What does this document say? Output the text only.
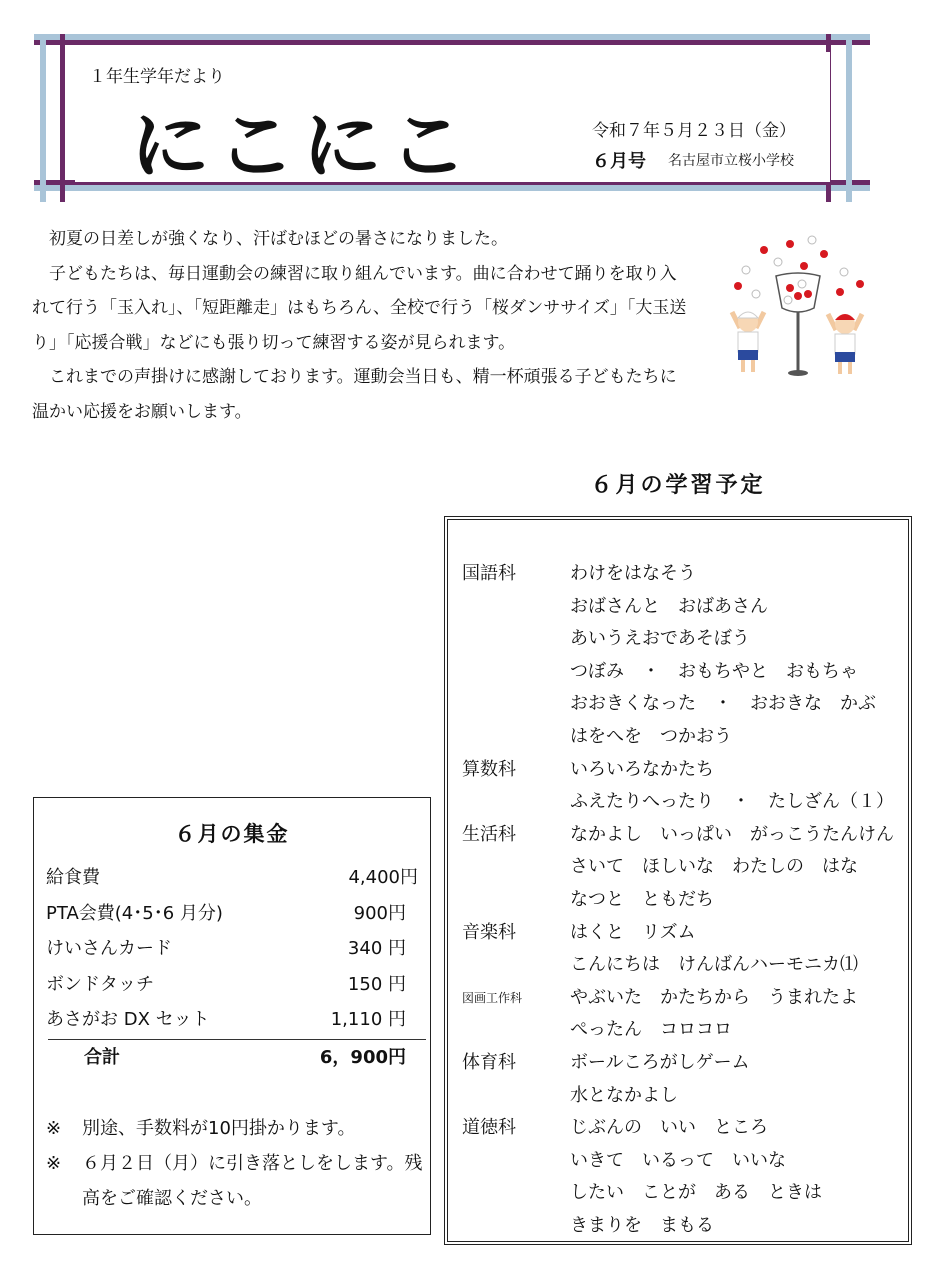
１年生学年だより
にこにこ	令和７年５月２３日（金）
６月号 名古屋市立桜小学校

初夏の日差しが強くなり、汗ばむほどの暑さになりました。

子どもたちは、毎日運動会の練習に取り組んでいます。曲に合わせて踊りを取り入れて行う「玉入れ」、「短距離走」はもちろん、全校で行う「桜ダンササイズ」「大玉送り」「応援合戦」などにも張り切って練習する姿が見られます。

これまでの声掛けに感謝しております。運動会当日も、精一杯頑張る子どもたちに温かい応援をお願いします。

６月の学習予定
国語科	わけをはなそう
おばさんと　おばあさん
あいうえおであそぼう
つぼみ　・　おもちやと　おもちゃ
おおきくなった　・　おおきな　かぶ
はをへを　つかおう
算数科	いろいろなかたち
ふえたりへったり　・　たしざん（１）
生活科	なかよし　いっぱい　がっこうたんけん
さいて　ほしいな　わたしの　はな
なつと　ともだち
音楽科	はくと　リズム
こんにちは　けんばんハーモニカ⑴
図画工作科	やぶいた　かたちから　うまれたよ
ぺったん　コロコロ
体育科	ボールころがしゲーム
水となかよし
道徳科	じぶんの　いい　ところ
いきて　いるって　いいな
したい　ことが　ある　ときは
きまりを　まもる
６月の集金
給食費	4,400円
PTA会費(4･5･6 月分)	900円
けいさんカード	340 円
ボンドタッチ	150 円
あさがお DX セット	1,110 円
合計	6，900円
※	別途、手数料が10円掛かります。
※	６月２日（月）に引き落としをします。残高をご確認ください。
